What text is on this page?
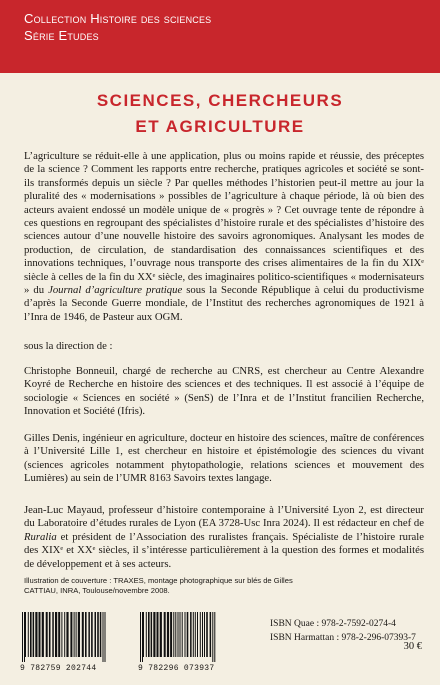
Collection Histoire des sciences
Série Etudes
SCIENCES, CHERCHEURS
ET AGRICULTURE
L’agriculture se réduit-elle à une application, plus ou moins rapide et réussie, des préceptes de la science ? Comment les rapports entre recherche, pratiques agricoles et société se sont-ils transformés depuis un siècle ? Par quelles méthodes l’historien peut-il mettre au jour la pluralité des « modernisations » possibles de l’agriculture à chaque période, là où bien des acteurs avaient endossé un modèle unique de « progrès » ? Cet ouvrage tente de répondre à ces questions en regroupant des spécialistes d’histoire rurale et des spécialistes d’histoire des sciences autour d’une nouvelle histoire des savoirs agronomiques. Analysant les modes de production, de circulation, de standardisation des connaissances scientifiques et des innovations techniques, l’ouvrage nous transporte des crises alimentaires de la fin du XIXᵉ siècle à celles de la fin du XXᵉ siècle, des imaginaires politico-scientifiques « modernisateurs » du Journal d’agriculture pratique sous la Seconde République à celui du productivisme d’après la Seconde Guerre mondiale, de l’Institut des recherches agronomiques de 1921 à l’Inra de 1946, de Pasteur aux OGM.
sous la direction de :
Christophe Bonneuil, chargé de recherche au CNRS, est chercheur au Centre Alexandre Koyré de Recherche en histoire des sciences et des techniques. Il est associé à l’équipe de sociologie « Sciences en société » (SenS) de l’Inra et de l’Institut francilien Recherche, Innovation et Société (Ifris).
Gilles Denis, ingénieur en agriculture, docteur en histoire des sciences, maître de conférences à l’Université Lille 1, est chercheur en histoire et épistémologie des sciences du vivant (sciences agricoles notamment phytopathologie, relations sciences et mouvement des Lumières) au sein de l’UMR 8163 Savoirs textes langage.
Jean-Luc Mayaud, professeur d’histoire contemporaine à l’Université Lyon 2, est directeur du Laboratoire d’études rurales de Lyon (EA 3728-Usc Inra 2024). Il est rédacteur en chef de Ruralia et président de l’Association des ruralistes français. Spécialiste de l’histoire rurale des XIXᵉ et XXᵉ siècles, il s’intéresse particulièrement à la question des formes et modalités de développement et à ses acteurs.
Illustration de couverture : TRAXES, montage photographique sur blés de Gilles CATTIAU, INRA, Toulouse/novembre 2008.
9 782759 202744	9 782296 073937
ISBN Quae : 978-2-7592-0274-4
ISBN Harmattan : 978-2-296-07393-7
30 €
